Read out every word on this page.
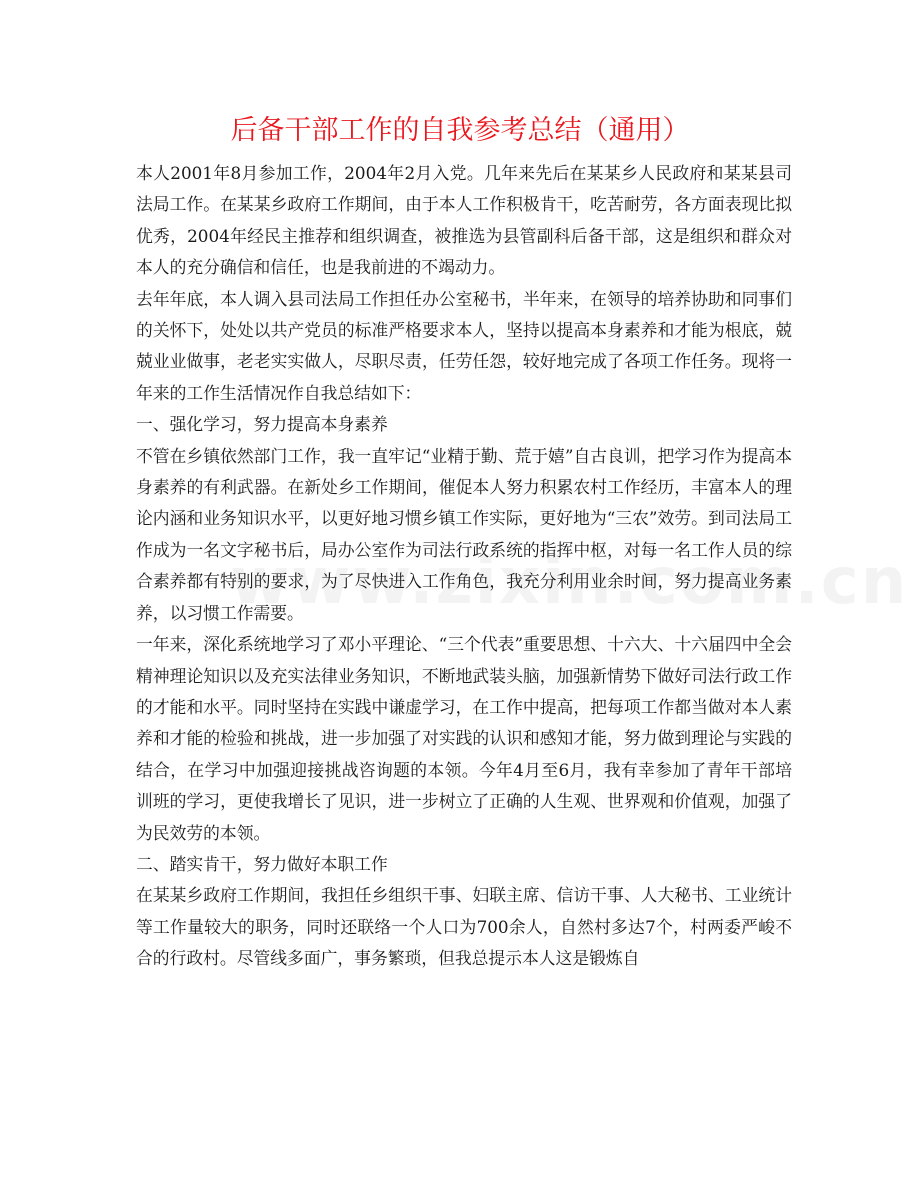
后备干部工作的自我参考总结（通用）

本人2001年8月参加工作，2004年2月入党。几年来先后在某某乡人民政府和某某县司法局工作。在某某乡政府工作期间，由于本人工作积极肯干，吃苦耐劳，各方面表现比拟优秀，2004年经民主推荐和组织调查，被推选为县管副科后备干部，这是组织和群众对本人的充分确信和信任，也是我前进的不竭动力。

去年年底，本人调入县司法局工作担任办公室秘书，半年来，在领导的培养协助和同事们的关怀下，处处以共产党员的标准严格要求本人，坚持以提高本身素养和才能为根底，兢兢业业做事，老老实实做人，尽职尽责，任劳任怨，较好地完成了各项工作任务。现将一年来的工作生活情况作自我总结如下：

一、强化学习，努力提高本身素养

不管在乡镇依然部门工作，我一直牢记“业精于勤、荒于嬉”自古良训，把学习作为提高本身素养的有利武器。在新处乡工作期间，催促本人努力积累农村工作经历，丰富本人的理论内涵和业务知识水平，以更好地习惯乡镇工作实际，更好地为“三农”效劳。到司法局工作成为一名文字秘书后，局办公室作为司法行政系统的指挥中枢，对每一名工作人员的综合素养都有特别的要求，为了尽快进入工作角色，我充分利用业余时间，努力提高业务素养，以习惯工作需要。

一年来，深化系统地学习了邓小平理论、“三个代表”重要思想、十六大、十六届四中全会精神理论知识以及充实法律业务知识，不断地武装头脑，加强新情势下做好司法行政工作的才能和水平。同时坚持在实践中谦虚学习，在工作中提高，把每项工作都当做对本人素养和才能的检验和挑战，进一步加强了对实践的认识和感知才能，努力做到理论与实践的结合，在学习中加强迎接挑战咨询题的本领。今年4月至6月，我有幸参加了青年干部培训班的学习，更使我增长了见识，进一步树立了正确的人生观、世界观和价值观，加强了为民效劳的本领。

二、踏实肯干，努力做好本职工作

在某某乡政府工作期间，我担任乡组织干事、妇联主席、信访干事、人大秘书、工业统计等工作量较大的职务，同时还联络一个人口为700余人，自然村多达7个，村两委严峻不合的行政村。尽管线多面广，事务繁琐，但我总提示本人这是锻炼自
